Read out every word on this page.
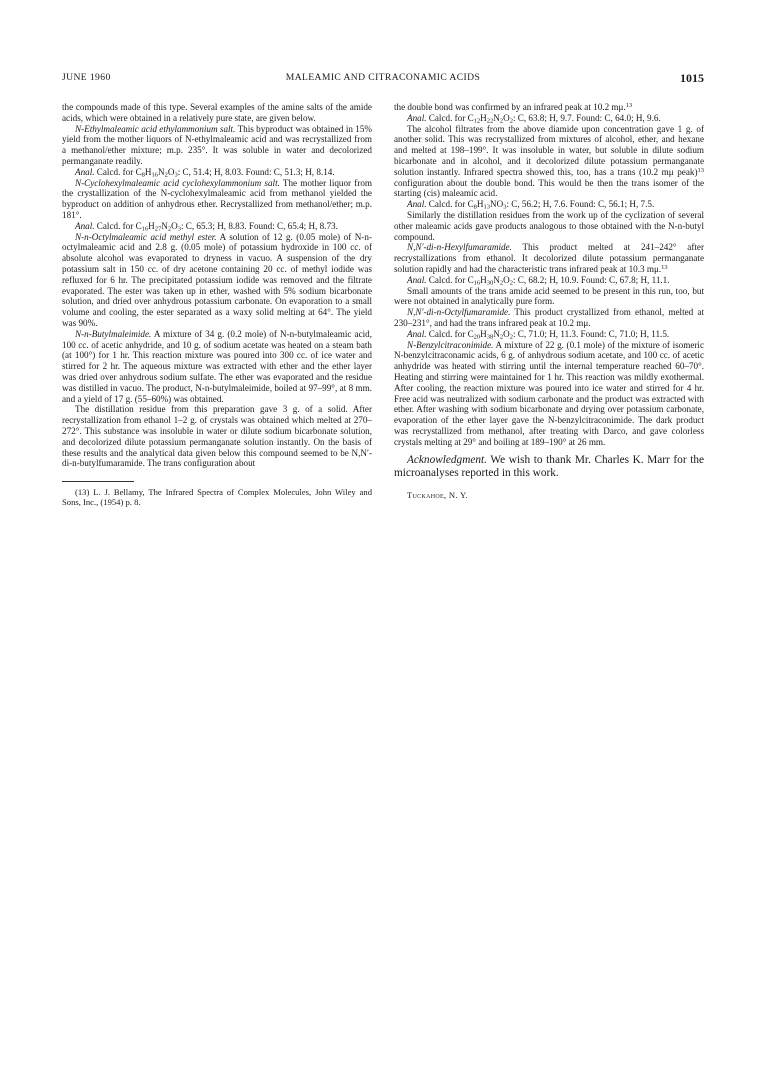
JUNE 1960	MALEAMIC AND CITRACONAMIC ACIDS	1015

the compounds made of this type. Several examples of the amine salts of the amide acids, which were obtained in a relatively pure state, are given below.

N-Ethylmaleamic acid ethylammonium salt. This byproduct was obtained in 15% yield from the mother liquors of N-ethylmaleamic acid and was recrystallized from a methanol/ether mixture; m.p. 235°. It was soluble in water and decolorized permanganate readily.

Anal. Calcd. for $C_8H_{16}N_2O_3$: C, 51.4; H, 8.03. Found: C, 51.3; H, 8.14.

N-Cyclohexylmaleamic acid cyclohexylammonium salt. The mother liquor from the crystallization of the N-cyclohexylmaleamic acid from methanol yielded the byproduct on addition of anhydrous ether. Recrystallized from methanol/ether; m.p. 181°.

Anal. Calcd. for $C_{16}H_{27}N_2O_3$: C, 65.3; H, 8.83. Found: C, 65.4; H, 8.73.

N-n-Octylmaleamic acid methyl ester. A solution of 12 g. (0.05 mole) of N-n-octylmaleamic acid and 2.8 g. (0.05 mole) of potassium hydroxide in 100 cc. of absolute alcohol was evaporated to dryness in vacuo. A suspension of the dry potassium salt in 150 cc. of dry acetone containing 20 cc. of methyl iodide was refluxed for 6 hr. The precipitated potassium iodide was removed and the filtrate evaporated. The ester was taken up in ether, washed with 5% sodium bicarbonate solution, and dried over anhydrous potassium carbonate. On evaporation to a small volume and cooling, the ester separated as a waxy solid melting at 64°. The yield was 90%.

N-n-Butylmaleimide. A mixture of 34 g. (0.2 mole) of N-n-butylmaleamic acid, 100 cc. of acetic anhydride, and 10 g. of sodium acetate was heated on a steam bath (at 100°) for 1 hr. This reaction mixture was poured into 300 cc. of ice water and stirred for 2 hr. The aqueous mixture was extracted with ether and the ether layer was dried over anhydrous sodium sulfate. The ether was evaporated and the residue was distilled in vacuo. The product, N-n-butylmaleimide, boiled at 97–99°, at 8 mm. and a yield of 17 g. (55–60%) was obtained.

The distillation residue from this preparation gave 3 g. of a solid. After recrystallization from ethanol 1–2 g. of crystals was obtained which melted at 270–272°. This substance was insoluble in water or dilute sodium bicarbonate solution, and decolorized dilute potassium permanganate solution instantly. On the basis of these results and the analytical data given below this compound seemed to be N,N′-di-n-butylfumaramide. The trans configuration about

(13) L. J. Bellamy, The Infrared Spectra of Complex Molecules, John Wiley and Sons, Inc., (1954) p. 8.

the double bond was confirmed by an infrared peak at 10.2 mμ.$^{13}$

Anal. Calcd. for $C_{12}H_{22}N_2O_2$: C, 63.8; H, 9.7. Found: C, 64.0; H, 9.6.

The alcohol filtrates from the above diamide upon concentration gave 1 g. of another solid. This was recrystallized from mixtures of alcohol, ether, and hexane and melted at 198–199°. It was insoluble in water, but soluble in dilute sodium bicarbonate and in alcohol, and it decolorized dilute potassium permanganate solution instantly. Infrared spectra showed this, too, has a trans (10.2 mμ peak)$^{13}$ configuration about the double bond. This would be then the trans isomer of the starting (cis) maleamic acid.

Anal. Calcd. for $C_8H_{13}NO_3$: C, 56.2; H, 7.6. Found: C, 56.1; H, 7.5.

Similarly the distillation residues from the work up of the cyclization of several other maleamic acids gave products analogous to those obtained with the N-n-butyl compound.

N,N′-di-n-Hexylfumaramide. This product melted at 241–242° after recrystallizations from ethanol. It decolorized dilute potassium permanganate solution rapidly and had the characteristic trans infrared peak at 10.3 mμ.$^{13}$

Anal. Calcd. for $C_{16}H_{30}N_2O_2$: C, 68.2; H, 10.9. Found: C, 67.8; H, 11.1.

Small amounts of the trans amide acid seemed to be present in this run, too, but were not obtained in analytically pure form.

N,N′-di-n-Octylfumaramide. This product crystallized from ethanol, melted at 230–231°, and had the trans infrared peak at 10.2 mμ.

Anal. Calcd. for $C_{20}H_{38}N_2O_2$: C, 71.0; H, 11.3. Found: C, 71.0; H, 11.5.

N-Benzylcitraconimide. A mixture of 22 g. (0.1 mole) of the mixture of isomeric N-benzylcitraconamic acids, 6 g. of anhydrous sodium acetate, and 100 cc. of acetic anhydride was heated with stirring until the internal temperature reached 60–70°. Heating and stirring were maintained for 1 hr. This reaction was mildly exothermal. After cooling, the reaction mixture was poured into ice water and stirred for 4 hr. Free acid was neutralized with sodium carbonate and the product was extracted with ether. After washing with sodium bicarbonate and drying over potassium carbonate, evaporation of the ether layer gave the N-benzylcitraconimide. The dark product was recrystallized from methanol, after treating with Darco, and gave colorless crystals melting at 29° and boiling at 189–190° at 26 mm.

Acknowledgment. We wish to thank Mr. Charles K. Marr for the microanalyses reported in this work.

Tuckahoe, N. Y.
